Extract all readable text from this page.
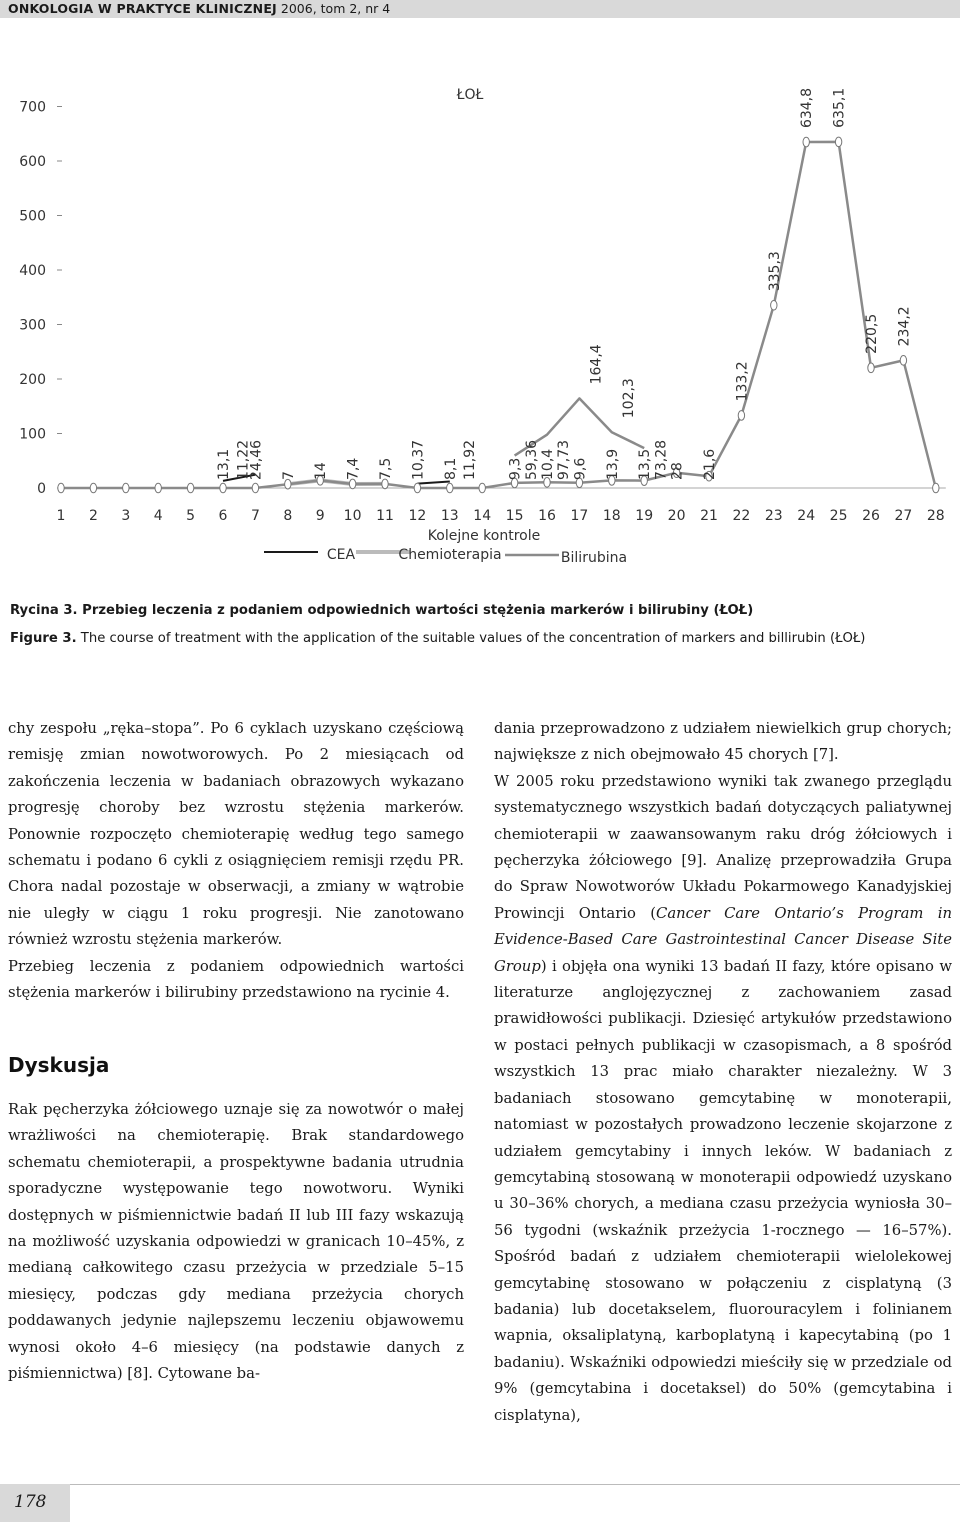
ONKOLOGIA W PRAKTYCE KLINICZNEJ 2006, tom 2, nr 4
0
100
200
300
400
500
600
700
1 2 3 4 5 6 7 8 9 10 11 12 13 14 15 16 17 18 19 20 21 22 23 24 25 26 27 28
ŁOŁ
Kolejne kontrole
13,1 11,22
24,46 7 14 7,4 7,5 10,37 8,1 11,92 9,3 59,36 10,4 97,73 9,6
164,4
13,9
102,3
13,5 73,28 28 21,6
133,2
335,3
634,8 635,1
220,5 234,2
CEA	Chemioterapia	Bilirubina
Rycina 3. Przebieg leczenia z podaniem odpowiednich wartości stężenia markerów i bilirubiny (ŁOŁ)
Figure 3. The course of treatment with the application of the suitable values of the concentration of markers and billirubin (ŁOŁ)

chy zespołu „ręka–stopa”. Po 6 cyklach uzyskano częściową remisję zmian nowotworowych. Po 2 miesiącach od zakończenia leczenia w badaniach obrazowych wykazano progresję choroby bez wzrostu stężenia markerów. Ponownie rozpoczęto chemioterapię według tego samego schematu i podano 6 cykli z osiągnięciem remisji rzędu PR. Chora nadal pozostaje w obserwacji, a zmiany w wątrobie nie uległy w ciągu 1 roku progresji. Nie zanotowano również wzrostu stężenia markerów.

Przebieg leczenia z podaniem odpowiednich wartości stężenia markerów i bilirubiny przedstawiono na rycinie 4.

Dyskusja

Rak pęcherzyka żółciowego uznaje się za nowotwór o małej wrażliwości na chemioterapię. Brak standardowego schematu chemioterapii, a prospektywne badania utrudnia sporadyczne występowanie tego nowotworu. Wyniki dostępnych w piśmiennictwie badań II lub III fazy wskazują na możliwość uzyskania odpowiedzi w granicach 10–45%, z medianą całkowitego czasu przeżycia w przedziale 5–15 miesięcy, podczas gdy mediana przeżycia chorych poddawanych jedynie najlepszemu leczeniu objawowemu wynosi około 4–6 miesięcy (na podstawie danych z piśmiennictwa) [8]. Cytowane ba-

dania przeprowadzono z udziałem niewielkich grup chorych; największe z nich obejmowało 45 chorych [7].

W 2005 roku przedstawiono wyniki tak zwanego przeglądu systematycznego wszystkich badań dotyczących paliatywnej chemioterapii w zaawansowanym raku dróg żółciowych i pęcherzyka żółciowego [9]. Analizę przeprowadziła Grupa do Spraw Nowotworów Układu Pokarmowego Kanadyjskiej Prowincji Ontario (Cancer Care Ontario’s Program in Evidence-Based Care Gastrointestinal Cancer Disease Site Group) i objęła ona wyniki 13 badań II fazy, które opisano w literaturze anglojęzycznej z zachowaniem zasad prawidłowości publikacji. Dziesięć artykułów przedstawiono w postaci pełnych publikacji w czasopismach, a 8 spośród wszystkich 13 prac miało charakter niezależny. W 3 badaniach stosowano gemcytabinę w monoterapii, natomiast w pozostałych prowadzono leczenie skojarzone z udziałem gemcytabiny i innych leków. W badaniach z gemcytabiną stosowaną w monoterapii odpowiedź uzyskano u 30–36% chorych, a mediana czasu przeżycia wyniosła 30–56 tygodni (wskaźnik przeżycia 1-rocznego — 16–57%). Spośród badań z udziałem chemioterapii wielolekowej gemcytabinę stosowano w połączeniu z cisplatyną (3 badania) lub docetakselem, fluorouracylem i folinianem wapnia, oksaliplatyną, karboplatyną i kapecytabiną (po 1 badaniu). Wskaźniki odpowiedzi mieściły się w przedziale od 9% (gemcytabina i docetaksel) do 50% (gemcytabina i cisplatyna),

178
